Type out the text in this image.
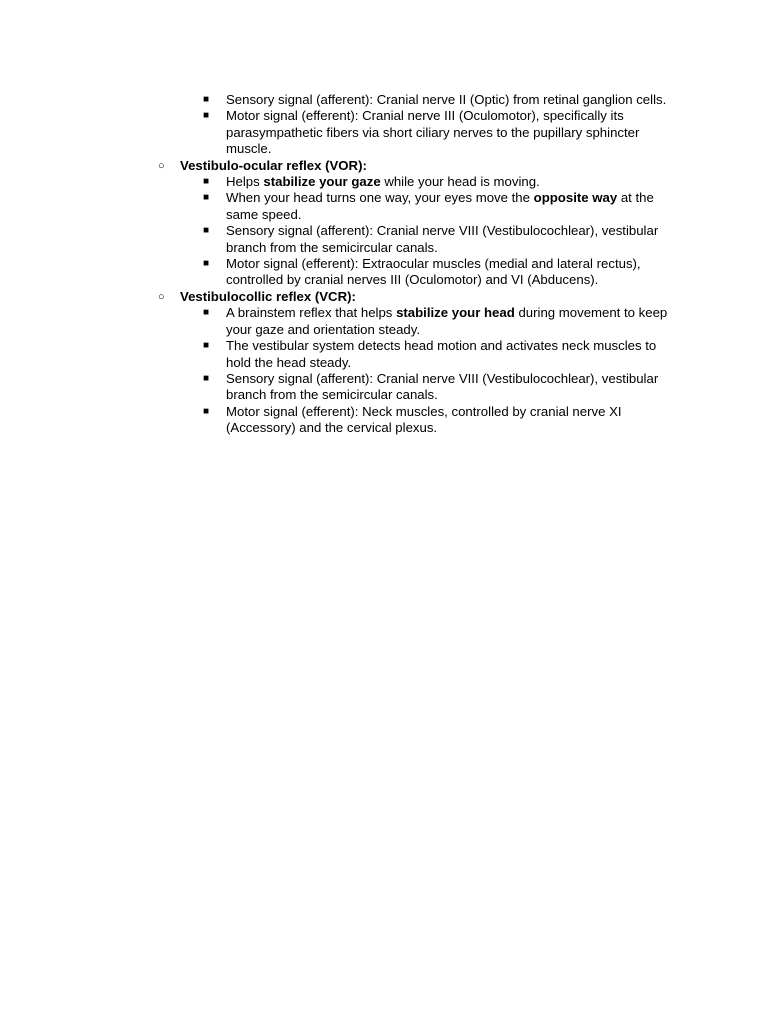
■ Sensory signal (afferent): Cranial nerve II (Optic) from retinal ganglion cells.
■ Motor signal (efferent): Cranial nerve III (Oculomotor), specifically its parasympathetic fibers via short ciliary nerves to the pupillary sphincter muscle.
○ Vestibulo-ocular reflex (VOR):
■ Helps stabilize your gaze while your head is moving.
■ When your head turns one way, your eyes move the opposite way at the same speed.
■ Sensory signal (afferent): Cranial nerve VIII (Vestibulocochlear), vestibular branch from the semicircular canals.
■ Motor signal (efferent): Extraocular muscles (medial and lateral rectus), controlled by cranial nerves III (Oculomotor) and VI (Abducens).
○ Vestibulocollic reflex (VCR):
■ A brainstem reflex that helps stabilize your head during movement to keep your gaze and orientation steady.
■ The vestibular system detects head motion and activates neck muscles to hold the head steady.
■ Sensory signal (afferent): Cranial nerve VIII (Vestibulocochlear), vestibular branch from the semicircular canals.
■ Motor signal (efferent): Neck muscles, controlled by cranial nerve XI (Accessory) and the cervical plexus.
